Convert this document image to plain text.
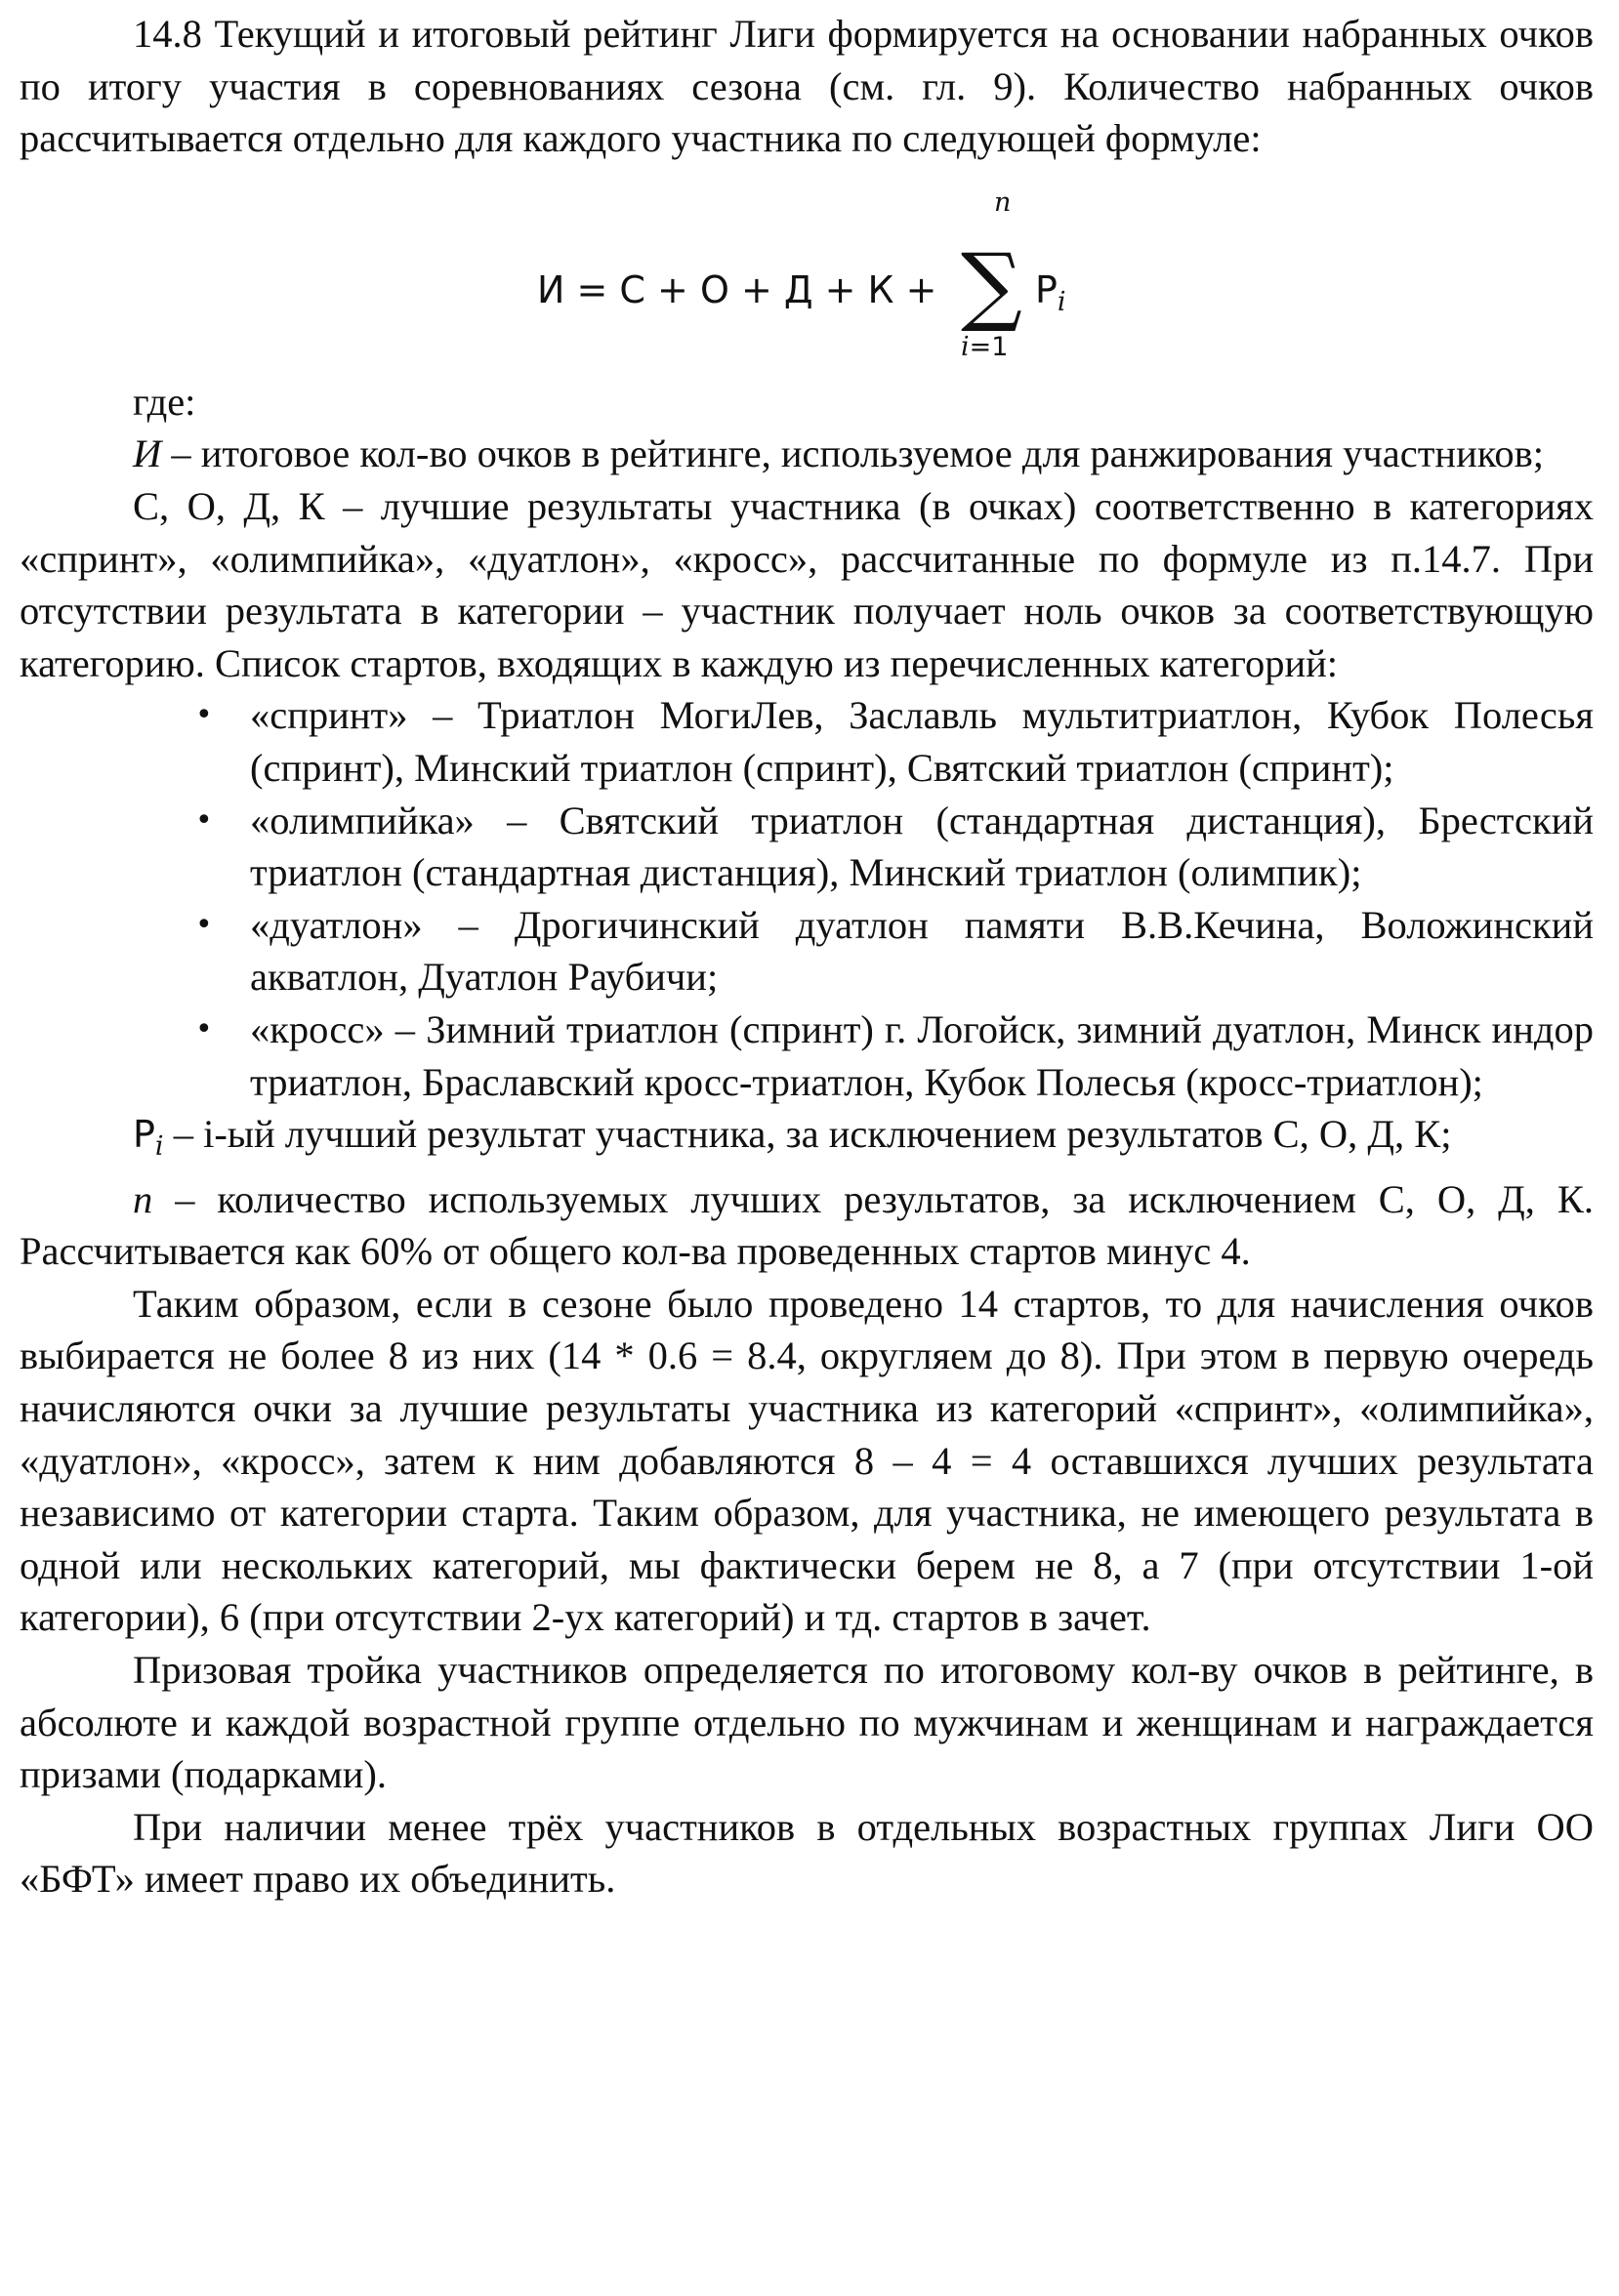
14.8 Текущий и итоговый рейтинг Лиги формируется на основании набранных очков по итогу участия в соревнованиях сезона (см. гл. 9). Количество набранных очков рассчитывается отдельно для каждого участника по следующей формуле:

И = С + О + Д + К +
n
∑
i=1
$Р_i$

где:

И – итоговое кол-во очков в рейтинге, используемое для ранжирования участников;

С, О, Д, К – лучшие результаты участника (в очках) соответственно в категориях «спринт», «олимпийка», «дуатлон», «кросс», рассчитанные по формуле из п.14.7. При отсутствии результата в категории – участник получает ноль очков за соответствующую категорию. Список стартов, входящих в каждую из перечисленных категорий:

• «спринт» – Триатлон МогиЛев, Заславль мультитриатлон, Кубок Полесья (спринт), Минский триатлон (спринт), Святский триатлон (спринт);
• «олимпийка» – Святский триатлон (стандартная дистанция), Брестский триатлон (стандартная дистанция), Минский триатлон (олимпик);
• «дуатлон» – Дрогичинский дуатлон памяти В.В.Кечина, Воложинский акватлон, Дуатлон Раубичи;
• «кросс» – Зимний триатлон (спринт) г. Логойск, зимний дуатлон, Минск индор триатлон, Браславский кросс-триатлон, Кубок Полесья (кросс-триатлон);

$Р_i - i-ый$ лучший результат участника, за исключением результатов С, О, Д, К;

n – количество используемых лучших результатов, за исключением С, О, Д, К. Рассчитывается как 60% от общего кол-ва проведенных стартов минус 4.

Таким образом, если в сезоне было проведено 14 стартов, то для начисления очков выбирается не более 8 из них (14 * 0.6 = 8.4, округляем до 8). При этом в первую очередь начисляются очки за лучшие результаты участника из категорий «спринт», «олимпийка», «дуатлон», «кросс», затем к ним добавляются 8 – 4 = 4 оставшихся лучших результата независимо от категории старта. Таким образом, для участника, не имеющего результата в одной или нескольких категорий, мы фактически берем не 8, а 7 (при отсутствии 1-ой категории), 6 (при отсутствии 2-ух категорий) и тд. стартов в зачет.

Призовая тройка участников определяется по итоговому кол-ву очков в рейтинге, в абсолюте и каждой возрастной группе отдельно по мужчинам и женщинам и награждается призами (подарками).

При наличии менее трёх участников в отдельных возрастных группах Лиги ОО «БФТ» имеет право их объединить.
